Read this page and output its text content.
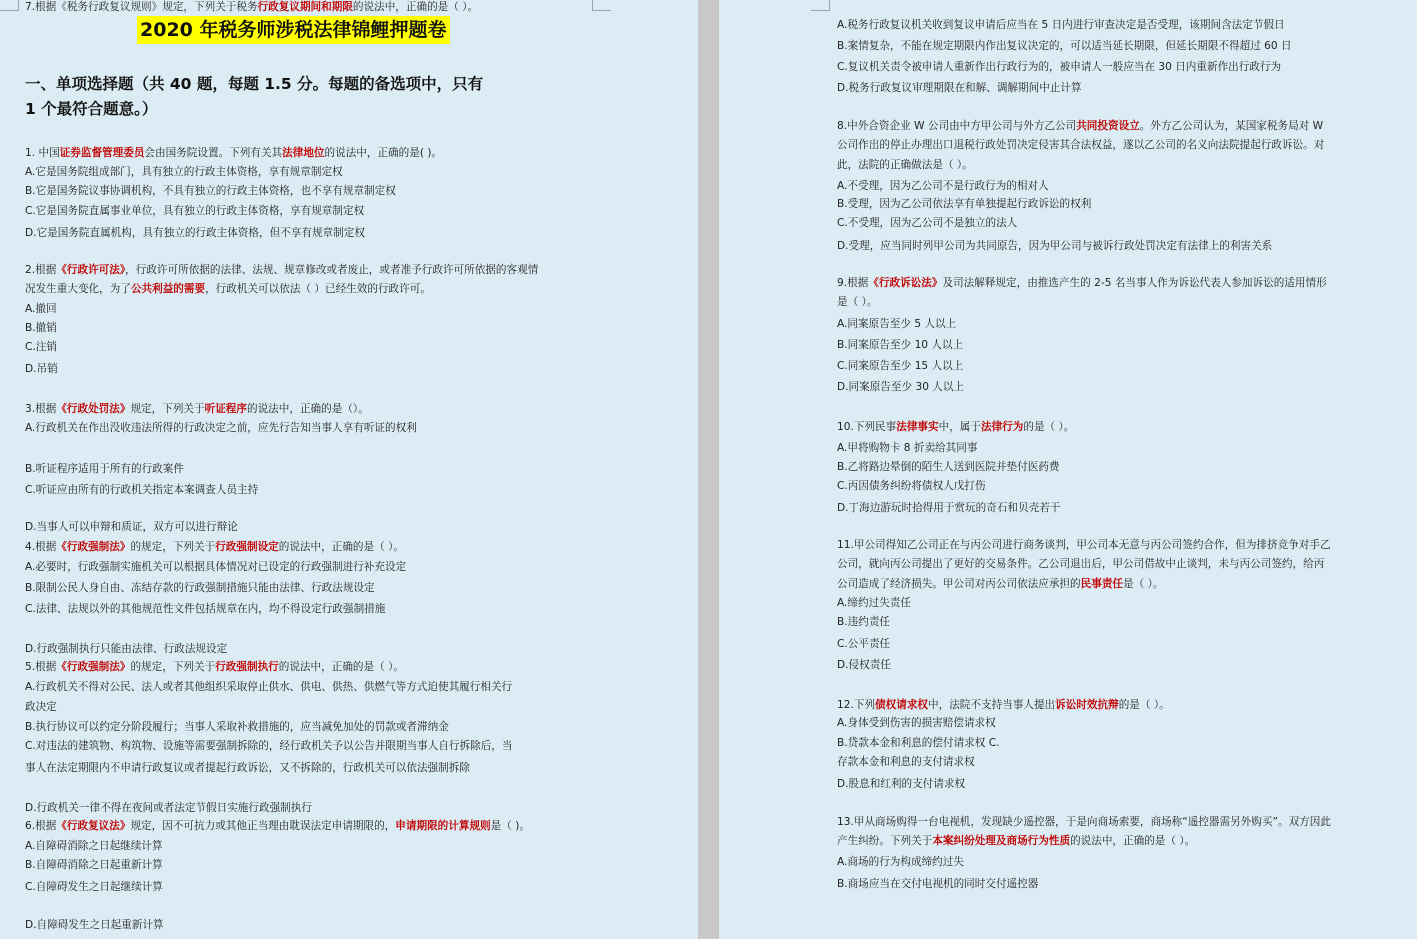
2020 年税务师涉税法律锦鲤押题卷
一、单项选择题（共 40 题，每题 1.5 分。每题的备选项中，只有
1 个最符合题意。）
1. 中国证券监督管理委员会由国务院设置。下列有关其法律地位的说法中，正确的是( )。
A.它是国务院组成部门，具有独立的行政主体资格，享有规章制定权
B.它是国务院议事协调机构，不具有独立的行政主体资格，也不享有规章制定权
C.它是国务院直属事业单位，具有独立的行政主体资格，享有规章制定权
D.它是国务院直属机构，具有独立的行政主体资格，但不享有规章制定权
2.根据《行政许可法》，行政许可所依据的法律、法规、规章修改或者废止，或者准予行政许可所依据的客观情
况发生重大变化，为了公共利益的需要，行政机关可以依法（ ）已经生效的行政许可。
A.撤回
B.撤销
C.注销
D.吊销
3.根据《行政处罚法》规定，下列关于听证程序的说法中，正确的是（）。
A.行政机关在作出没收违法所得的行政决定之前，应先行告知当事人享有听证的权利
B.听证程序适用于所有的行政案件
C.听证应由所有的行政机关指定本案调查人员主持
D.当事人可以申辩和质证，双方可以进行辩论
4.根据《行政强制法》的规定，下列关于行政强制设定的说法中，正确的是（ ）。
A.必要时，行政强制实施机关可以根据具体情况对已设定的行政强制进行补充设定
B.限制公民人身自由、冻结存款的行政强制措施只能由法律、行政法规设定
C.法律、法规以外的其他规范性文件包括规章在内，均不得设定行政强制措施
D.行政强制执行只能由法律、行政法规设定
5.根据《行政强制法》的规定，下列关于行政强制执行的说法中，正确的是（ ）。
A.行政机关不得对公民、法人或者其他组织采取停止供水、供电、供热、供燃气等方式迫使其履行相关行
政决定
B.执行协议可以约定分阶段履行；当事人采取补救措施的，应当减免加处的罚款或者滞纳金
C.对违法的建筑物、构筑物、设施等需要强制拆除的，经行政机关予以公告并限期当事人自行拆除后，当
事人在法定期限内不申请行政复议或者提起行政诉讼，又不拆除的，行政机关可以依法强制拆除
D.行政机关一律不得在夜间或者法定节假日实施行政强制执行
6.根据《行政复议法》规定，因不可抗力或其他正当理由耽误法定申请期限的，申请期限的计算规则是（ )。
A.自障碍消除之日起继续计算
B.自障碍消除之日起重新计算
C.自障碍发生之日起继续计算
D.自障碍发生之日起重新计算
7.根据《税务行政复议规则》规定，下列关于税务行政复议期间和期限的说法中，正确的是（ ）。
A.税务行政复议机关收到复议申请后应当在 5 日内进行审查决定是否受理，该期间含法定节假日
B.案情复杂，不能在规定期限内作出复议决定的，可以适当延长期限，但延长期限不得超过 60 日
C.复议机关责令被申请人重新作出行政行为的，被申请人一般应当在 30 日内重新作出行政行为
D.税务行政复议审理期限在和解、调解期间中止计算
8.中外合资企业 W 公司由中方甲公司与外方乙公司共同投资设立。外方乙公司认为，某国家税务局对 W
公司作出的停止办理出口退税行政处罚决定侵害其合法权益，遂以乙公司的名义向法院提起行政诉讼。对
此，法院的正确做法是（ ）。
A.不受理，因为乙公司不是行政行为的相对人
B.受理，因为乙公司依法享有单独提起行政诉讼的权利
C.不受理，因为乙公司不是独立的法人
D.受理，应当同时列甲公司为共同原告，因为甲公司与被诉行政处罚决定有法律上的利害关系
9.根据《行政诉讼法》及司法解释规定，由推选产生的 2-5 名当事人作为诉讼代表人参加诉讼的适用情形
是（ ）。
A.同案原告至少 5 人以上
B.同案原告至少 10 人以上
C.同案原告至少 15 人以上
D.同案原告至少 30 人以上
10.下列民事法律事实中，属于法律行为的是（ ）。
A.甲将购物卡 8 折卖给其同事
B.乙将路边晕倒的陌生人送到医院并垫付医药费
C.丙因债务纠纷将债权人戊打伤
D.丁海边游玩时拾得用于赏玩的奇石和贝壳若干
11.甲公司得知乙公司正在与丙公司进行商务谈判，甲公司本无意与丙公司签约合作，但为排挤竞争对手乙
公司，就向丙公司提出了更好的交易条件。乙公司退出后，甲公司借故中止谈判，未与丙公司签约，给丙
公司造成了经济损失。甲公司对丙公司依法应承担的民事责任是（ ）。
A.缔约过失责任
B.违约责任
C.公平责任
D.侵权责任
12.下列债权请求权中，法院不支持当事人提出诉讼时效抗辩的是（ ）。
A.身体受到伤害的损害赔偿请求权
B.贷款本金和利息的偿付请求权 C.
存款本金和利息的支付请求权
D.股息和红利的支付请求权
13.甲从商场购得一台电视机，发现缺少遥控器，于是向商场索要，商场称“遥控器需另外购买”。双方因此
产生纠纷。下列关于本案纠纷处理及商场行为性质的说法中，正确的是（ ）。
A.商场的行为构成缔约过失
B.商场应当在交付电视机的同时交付遥控器
